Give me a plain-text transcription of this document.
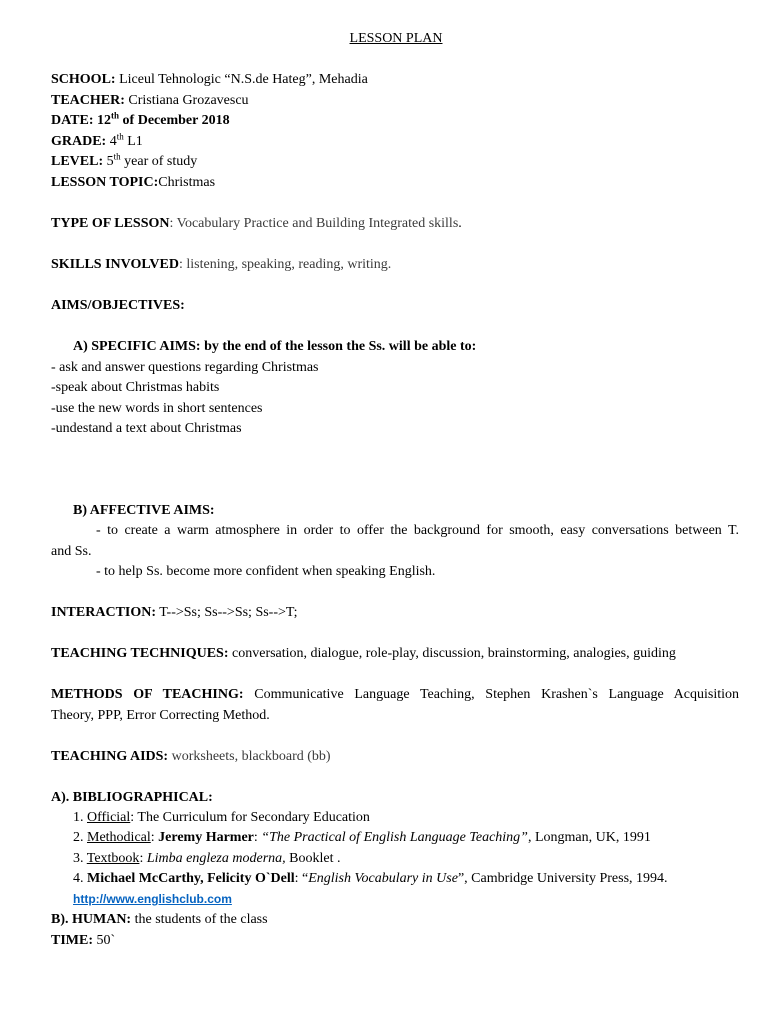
LESSON PLAN
SCHOOL: Liceul Tehnologic “N.S.de Hateg”, Mehadia
TEACHER: Cristiana Grozavescu
DATE: 12th of December 2018
GRADE: 4th L1
LEVEL: 5th year of study
LESSON TOPIC:Christmas
TYPE OF LESSON: Vocabulary Practice and Building Integrated skills.
SKILLS INVOLVED: listening, speaking, reading, writing.
AIMS/OBJECTIVES:
A) SPECIFIC AIMS: by the end of the lesson the Ss. will be able to:
- ask and answer questions regarding Christmas
-speak about Christmas habits
-use the new words in short sentences
-undestand a text about Christmas
B) AFFECTIVE AIMS:
- to create a warm atmosphere in order to offer the background for smooth, easy conversations between T.
and Ss.
- to help Ss. become more confident when speaking English.
INTERACTION: T-->Ss; Ss-->Ss; Ss-->T;
TEACHING TECHNIQUES: conversation, dialogue, role-play, discussion, brainstorming, analogies, guiding
METHODS OF TEACHING: Communicative Language Teaching, Stephen Krashen`s Language Acquisition
Theory, PPP, Error Correcting Method.
TEACHING AIDS: worksheets, blackboard (bb)
A). BIBLIOGRAPHICAL:
1. Official: The Curriculum for Secondary Education
2. Methodical: Jeremy Harmer: “The Practical of English Language Teaching”, Longman, UK, 1991
3. Textbook: Limba engleza moderna, Booklet .
4. Michael McCarthy, Felicity O`Dell: “English Vocabulary in Use”, Cambridge University Press, 1994.
http://www.englishclub.com
B). HUMAN: the students of the class
TIME: 50`
